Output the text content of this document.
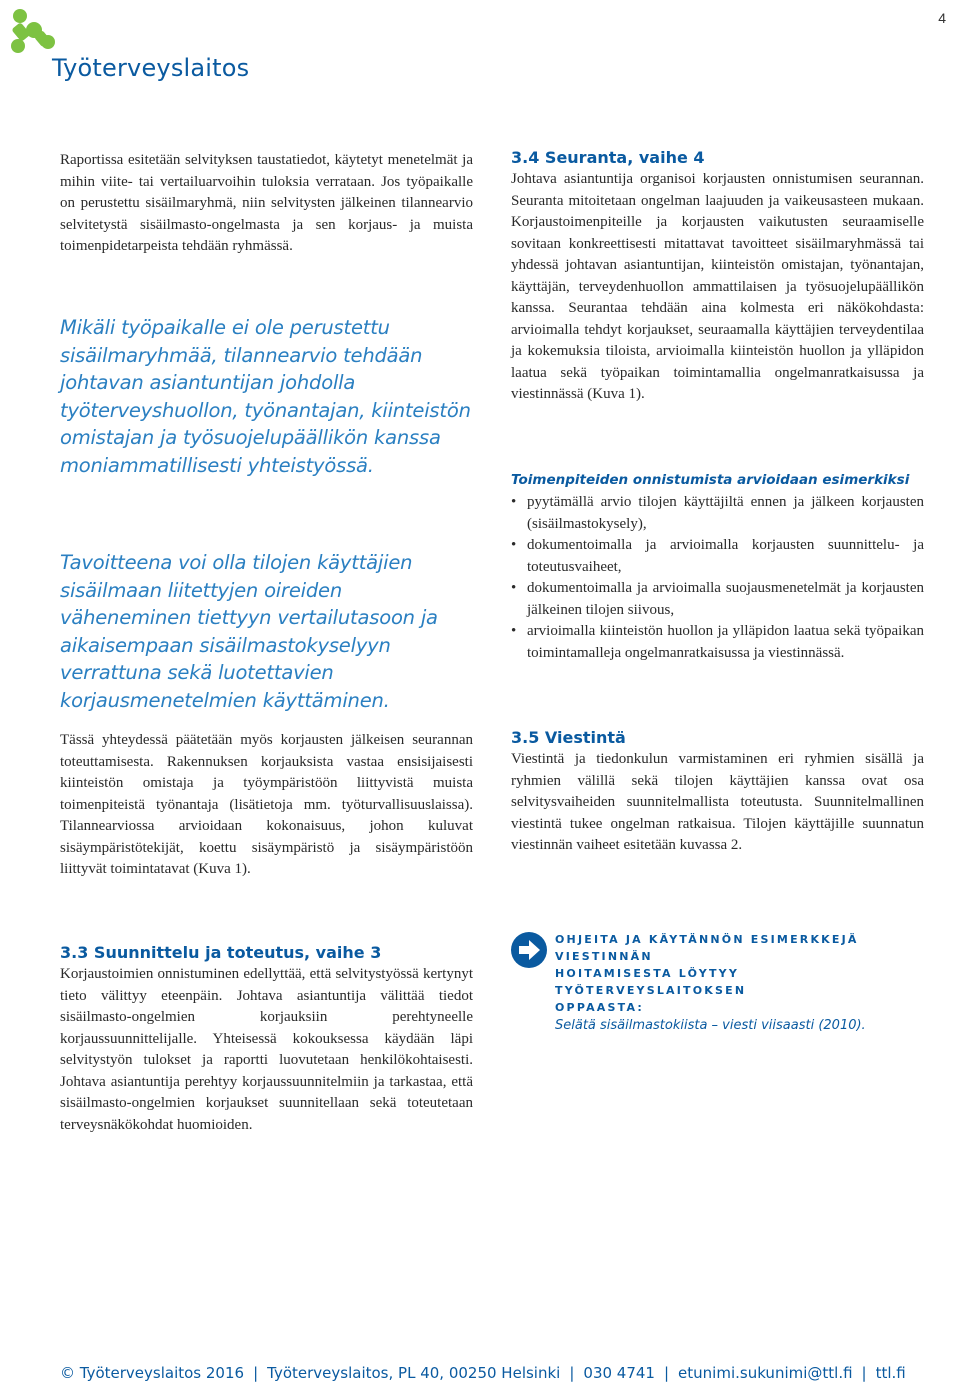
4
Työterveyslaitos

Raportissa esitetään selvityksen taustatiedot, käytetyt menetelmät ja mihin viite- tai vertailuarvoihin tuloksia verrataan. Jos työpaikalle on perustettu sisäilmaryhmä, niin selvitysten jälkeinen tilannearvio selvitetystä sisäilmasto-ongelmasta ja sen korjaus- ja muista toimenpidetarpeista tehdään ryhmässä.

Mikäli työpaikalle ei ole perustettu sisäilmaryhmää, tilannearvio tehdään johtavan asiantuntijan johdolla työterveyshuollon, työnantajan, kiinteistön omistajan ja työsuojelupäällikön kanssa moniammatillisesti yhteistyössä.

Tavoitteena voi olla tilojen käyttäjien sisäilmaan liitettyjen oireiden väheneminen tiettyyn vertailutasoon ja aikaisempaan sisäilmastokyselyyn verrattuna sekä luotettavien korjausmenetelmien käyttäminen.

Tässä yhteydessä päätetään myös korjausten jälkeisen seurannan toteuttamisesta. Rakennuksen korjauksista vastaa ensisijaisesti kiinteistön omistaja ja työympäristöön liittyvistä muista toimenpiteistä työnantaja (lisätietoja mm. työturvallisuuslaissa). Tilannearviossa arvioidaan kokonaisuus, johon kuluvat sisäympäristötekijät, koettu sisäympäristö ja sisäympäristöön liittyvät toimintatavat (Kuva 1).

3.3 Suunnittelu ja toteutus, vaihe 3

Korjaustoimien onnistuminen edellyttää, että selvitystyössä kertynyt tieto välittyy eteenpäin. Johtava asiantuntija välittää tiedot sisäilmasto-ongelmien korjauksiin perehtyneelle korjaussuunnittelijalle. Yhteisessä kokouksessa käydään läpi selvitystyön tulokset ja raportti luovutetaan henkilökohtaisesti. Johtava asiantuntija perehtyy korjaussuunnitelmiin ja tarkastaa, että sisäilmasto-ongelmien korjaukset suunnitellaan sekä toteutetaan terveysnäkökohdat huomioiden.

3.4 Seuranta, vaihe 4

Johtava asiantuntija organisoi korjausten onnistumisen seurannan. Seuranta mitoitetaan ongelman laajuuden ja vaikeusasteen mukaan. Korjaustoimenpiteille ja korjausten vaikutusten seuraamiselle sovitaan konkreettisesti mitattavat tavoitteet sisäilmaryhmässä tai yhdessä johtavan asiantuntijan, kiinteistön omistajan, työnantajan, käyttäjän, terveydenhuollon ammattilaisen ja työsuojelupäällikön kanssa. Seurantaa tehdään aina kolmesta eri näkökohdasta: arvioimalla tehdyt korjaukset, seuraamalla käyttäjien terveydentilaa ja kokemuksia tiloista, arvioimalla kiinteistön huollon ja ylläpidon laatua sekä työpaikan toimintamallia ongelmanratkaisussa ja viestinnässä (Kuva 1).

Toimenpiteiden onnistumista arvioidaan esimerkiksi
• pyytämällä arvio tilojen käyttäjiltä ennen ja jälkeen korjausten (sisäilmastokysely),
• dokumentoimalla ja arvioimalla korjausten suunnittelu- ja toteutusvaiheet,
• dokumentoimalla ja arvioimalla suojausmenetelmät ja korjausten jälkeinen tilojen siivous,
• arvioimalla kiinteistön huollon ja ylläpidon laatua sekä työpaikan toimintamalleja ongelmanratkaisussa ja viestinnässä.
3.5 Viestintä

Viestintä ja tiedonkulun varmistaminen eri ryhmien sisällä ja ryhmien välillä sekä tilojen käyttäjien kanssa ovat osa selvitysvaiheiden suunnitelmallista toteutusta. Suunnitelmallinen viestintä tukee ongelman ratkaisua. Tilojen käyttäjille suunnatun viestinnän vaiheet esitetään kuvassa 2.

OHJEITA JA KÄYTÄNNÖN ESIMERKKEJÄ VIESTINNÄN
HOITAMISESTA LÖYTYY TYÖTERVEYSLAITOKSEN
OPPAASTA:
Selätä sisäilmastokiista – viesti viisaasti (2010).
© Työterveyslaitos 2016 | Työterveyslaitos, PL 40, 00250 Helsinki | 030 4741 | etunimi.sukunimi@ttl.fi | ttl.fi
